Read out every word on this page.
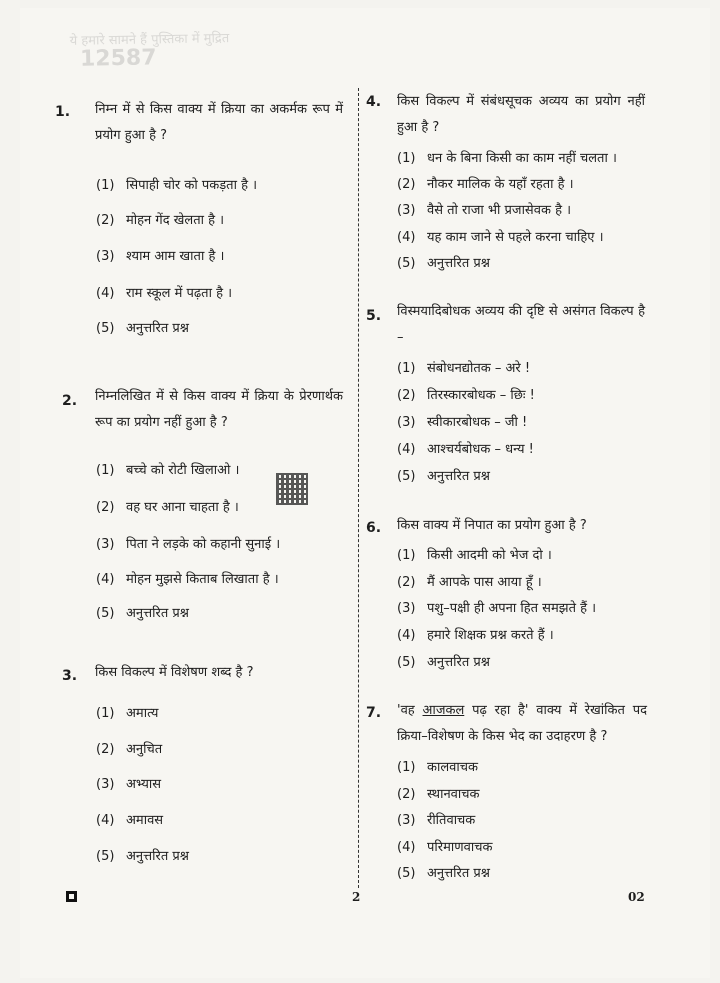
ये हमारे सामने हैं पुस्तिका में मुद्रित
12587
1. निम्न में से किस वाक्य में क्रिया का अकर्मक रूप में प्रयोग हुआ है ?
(1) सिपाही चोर को पकड़ता है ।
(2) मोहन गेंद खेलता है ।
(3) श्याम आम खाता है ।
(4) राम स्कूल में पढ़ता है ।
(5) अनुत्तरित प्रश्न
2. निम्नलिखित में से किस वाक्य में क्रिया के प्रेरणार्थक रूप का प्रयोग नहीं हुआ है ?
(1) बच्चे को रोटी खिलाओ ।
(2) वह घर आना चाहता है ।
(3) पिता ने लड़के को कहानी सुनाई ।
(4) मोहन मुझसे किताब लिखाता है ।
(5) अनुत्तरित प्रश्न
3. किस विकल्प में विशेषण शब्द है ?
(1) अमात्य
(2) अनुचित
(3) अभ्यास
(4) अमावस
(5) अनुत्तरित प्रश्न
4. किस विकल्प में संबंधसूचक अव्यय का प्रयोग नहीं हुआ है ?
(1) धन के बिना किसी का काम नहीं चलता ।
(2) नौकर मालिक के यहाँ रहता है ।
(3) वैसे तो राजा भी प्रजासेवक है ।
(4) यह काम जाने से पहले करना चाहिए ।
(5) अनुत्तरित प्रश्न
5. विस्मयादिबोधक अव्यय की दृष्टि से असंगत विकल्प है –
(1) संबोधनद्योतक – अरे !
(2) तिरस्कारबोधक – छिः !
(3) स्वीकारबोधक – जी !
(4) आश्चर्यबोधक – धन्य !
(5) अनुत्तरित प्रश्न
6. किस वाक्य में निपात का प्रयोग हुआ है ?
(1) किसी आदमी को भेज दो ।
(2) मैं आपके पास आया हूँ ।
(3) पशु–पक्षी ही अपना हित समझते हैं ।
(4) हमारे शिक्षक प्रश्न करते हैं ।
(5) अनुत्तरित प्रश्न
7. 'वह आजकल पढ़ रहा है' वाक्य में रेखांकित पद क्रिया–विशेषण के किस भेद का उदाहरण है ?
(1) कालवाचक
(2) स्थानवाचक
(3) रीतिवाचक
(4) परिमाणवाचक
(5) अनुत्तरित प्रश्न
2	02
